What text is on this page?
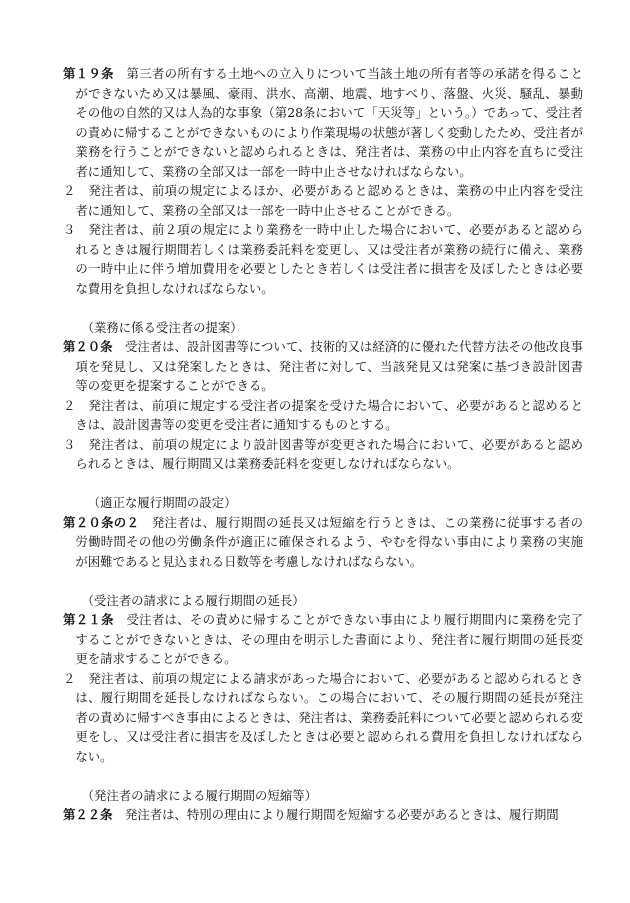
第１９条　第三者の所有する土地への立入りについて当該土地の所有者等の承諾を得ることができないため又は暴風、豪雨、洪水、高潮、地震、地すべり、落盤、火災、騒乱、暴動その他の自然的又は人為的な事象（第28条において「天災等」という。）であって、受注者の責めに帰することができないものにより作業現場の状態が著しく変動したため、受注者が業務を行うことができないと認められるときは、発注者は、業務の中止内容を直ちに受注者に通知して、業務の全部又は一部を一時中止させなければならない。

２　発注者は、前項の規定によるほか、必要があると認めるときは、業務の中止内容を受注者に通知して、業務の全部又は一部を一時中止させることができる。

３　発注者は、前２項の規定により業務を一時中止した場合において、必要があると認められるときは履行期間若しくは業務委託料を変更し、又は受注者が業務の続行に備え、業務の一時中止に伴う増加費用を必要としたとき若しくは受注者に損害を及ぼしたときは必要な費用を負担しなければならない。

（業務に係る受注者の提案）

第２０条　受注者は、設計図書等について、技術的又は経済的に優れた代替方法その他改良事項を発見し、又は発案したときは、発注者に対して、当該発見又は発案に基づき設計図書等の変更を提案することができる。

２　発注者は、前項に規定する受注者の提案を受けた場合において、必要があると認めるときは、設計図書等の変更を受注者に通知するものとする。

３　発注者は、前項の規定により設計図書等が変更された場合において、必要があると認められるときは、履行期間又は業務委託料を変更しなければならない。

（適正な履行期間の設定）

第２０条の２　発注者は、履行期間の延長又は短縮を行うときは、この業務に従事する者の労働時間その他の労働条件が適正に確保されるよう、やむを得ない事由により業務の実施が困難であると見込まれる日数等を考慮しなければならない。

（受注者の請求による履行期間の延長）

第２１条　受注者は、その責めに帰することができない事由により履行期間内に業務を完了することができないときは、その理由を明示した書面により、発注者に履行期間の延長変更を請求することができる。

２　発注者は、前項の規定による請求があった場合において、必要があると認められるときは、履行期間を延長しなければならない。この場合において、その履行期間の延長が発注者の責めに帰すべき事由によるときは、発注者は、業務委託料について必要と認められる変更をし、又は受注者に損害を及ぼしたときは必要と認められる費用を負担しなければならない。

（発注者の請求による履行期間の短縮等）

第２２条　発注者は、特別の理由により履行期間を短縮する必要があるときは、履行期間
